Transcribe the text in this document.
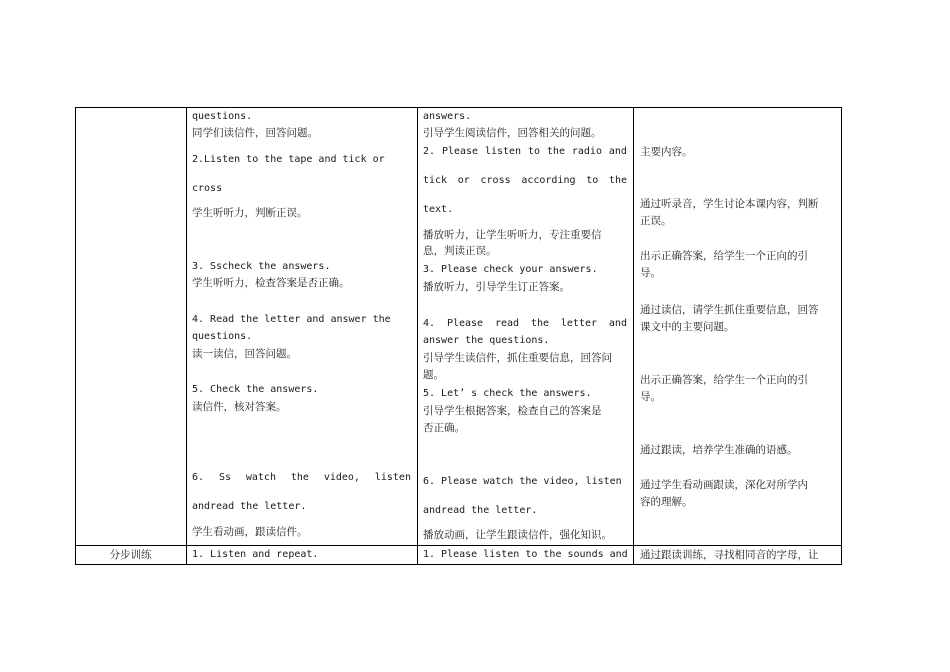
questions.
同学们读信件，回答问题。
2.Listen to the tape and tick or
cross
学生听听力，判断正误。
3. Sscheck the answers.
学生听听力，检查答案是否正确。
4. Read the letter and answer the
questions.
读一读信，回答问题。
5. Check the answers.
读信件，核对答案。
6. Ss watch the video, listen
andread the letter.
学生看动画，跟读信件。
answers.
引导学生阅读信件，回答相关的问题。
2. Please listen to the radio and
tick or cross according to the
text.
播放听力，让学生听听力，专注重要信
息，判读正误。
3. Please check your answers.
播放听力，引导学生订正答案。
4. Please read the letter and
answer the questions.
引导学生读信件，抓住重要信息，回答问
题。
5. Let’ s check the answers.
引导学生根据答案，检查自己的答案是
否正确。
6. Please watch the video, listen
andread the letter.
播放动画，让学生跟读信件，强化知识。
主要内容。
通过听录音，学生讨论本课内容，判断
正误。
出示正确答案，给学生一个正向的引
导。
通过读信，请学生抓住重要信息，回答
课文中的主要问题。
出示正确答案，给学生一个正向的引
导。
通过跟读，培养学生准确的语感。
通过学生看动画跟读，深化对所学内
容的理解。
分步训练	1. Listen and repeat.	1. Please listen to the sounds and 通过跟读训练，寻找相同音的字母，让
